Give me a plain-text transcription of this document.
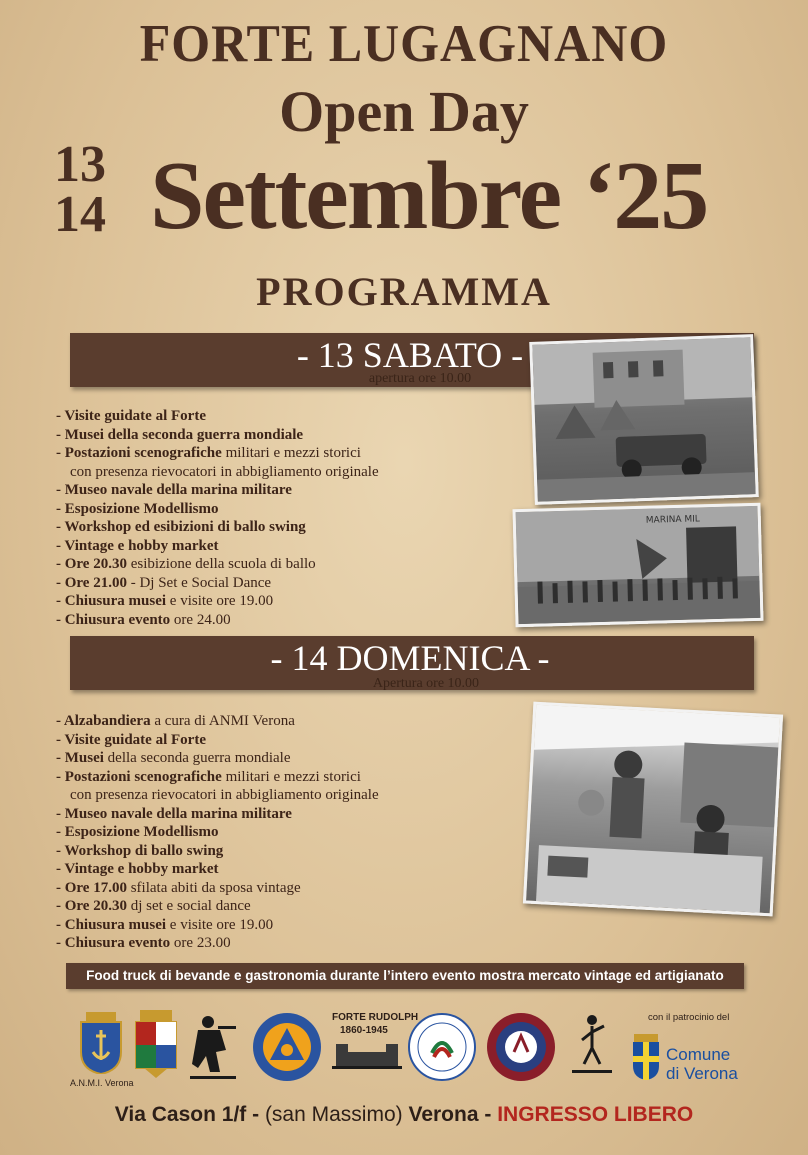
FORTE LUGAGNANO
Open Day
13
14 Settembre ‘25
PROGRAMMA
- 13 SABATO -
apertura ore 10.00
- Visite guidate al Forte
- Musei della seconda guerra mondiale
- Postazioni scenografiche militari e mezzi storici
con presenza rievocatori in abbigliamento originale
- Museo navale della marina militare
- Esposizione Modellismo
- Workshop ed esibizioni di ballo swing
- Vintage e hobby market
- Ore 20.30 esibizione della scuola di ballo
- Ore 21.00 - Dj Set e Social Dance
- Chiusura musei e visite ore 19.00
- Chiusura evento ore 24.00
MARINA MIL
- 14 DOMENICA -
Apertura ore 10.00
- Alzabandiera a cura di ANMI Verona
- Visite guidate al Forte
- Musei della seconda guerra mondiale
- Postazioni scenografiche militari e mezzi storici
con presenza rievocatori in abbigliamento originale
- Museo navale della marina militare
- Esposizione Modellismo
- Workshop di ballo swing
- Vintage e hobby market
- Ore 17.00 sfilata abiti da sposa vintage
- Ore 20.30 dj set e social dance
- Chiusura musei e visite ore 19.00
- Chiusura evento ore 23.00
Food truck di bevande e gastronomia durante l’intero evento mostra mercato vintage ed artigianato
A.N.M.I. Verona
FORTE RUDOLPH
1860-1945
con il patrocinio del
Comune
di Verona
Via Cason 1/f - (san Massimo) Verona - INGRESSO LIBERO
